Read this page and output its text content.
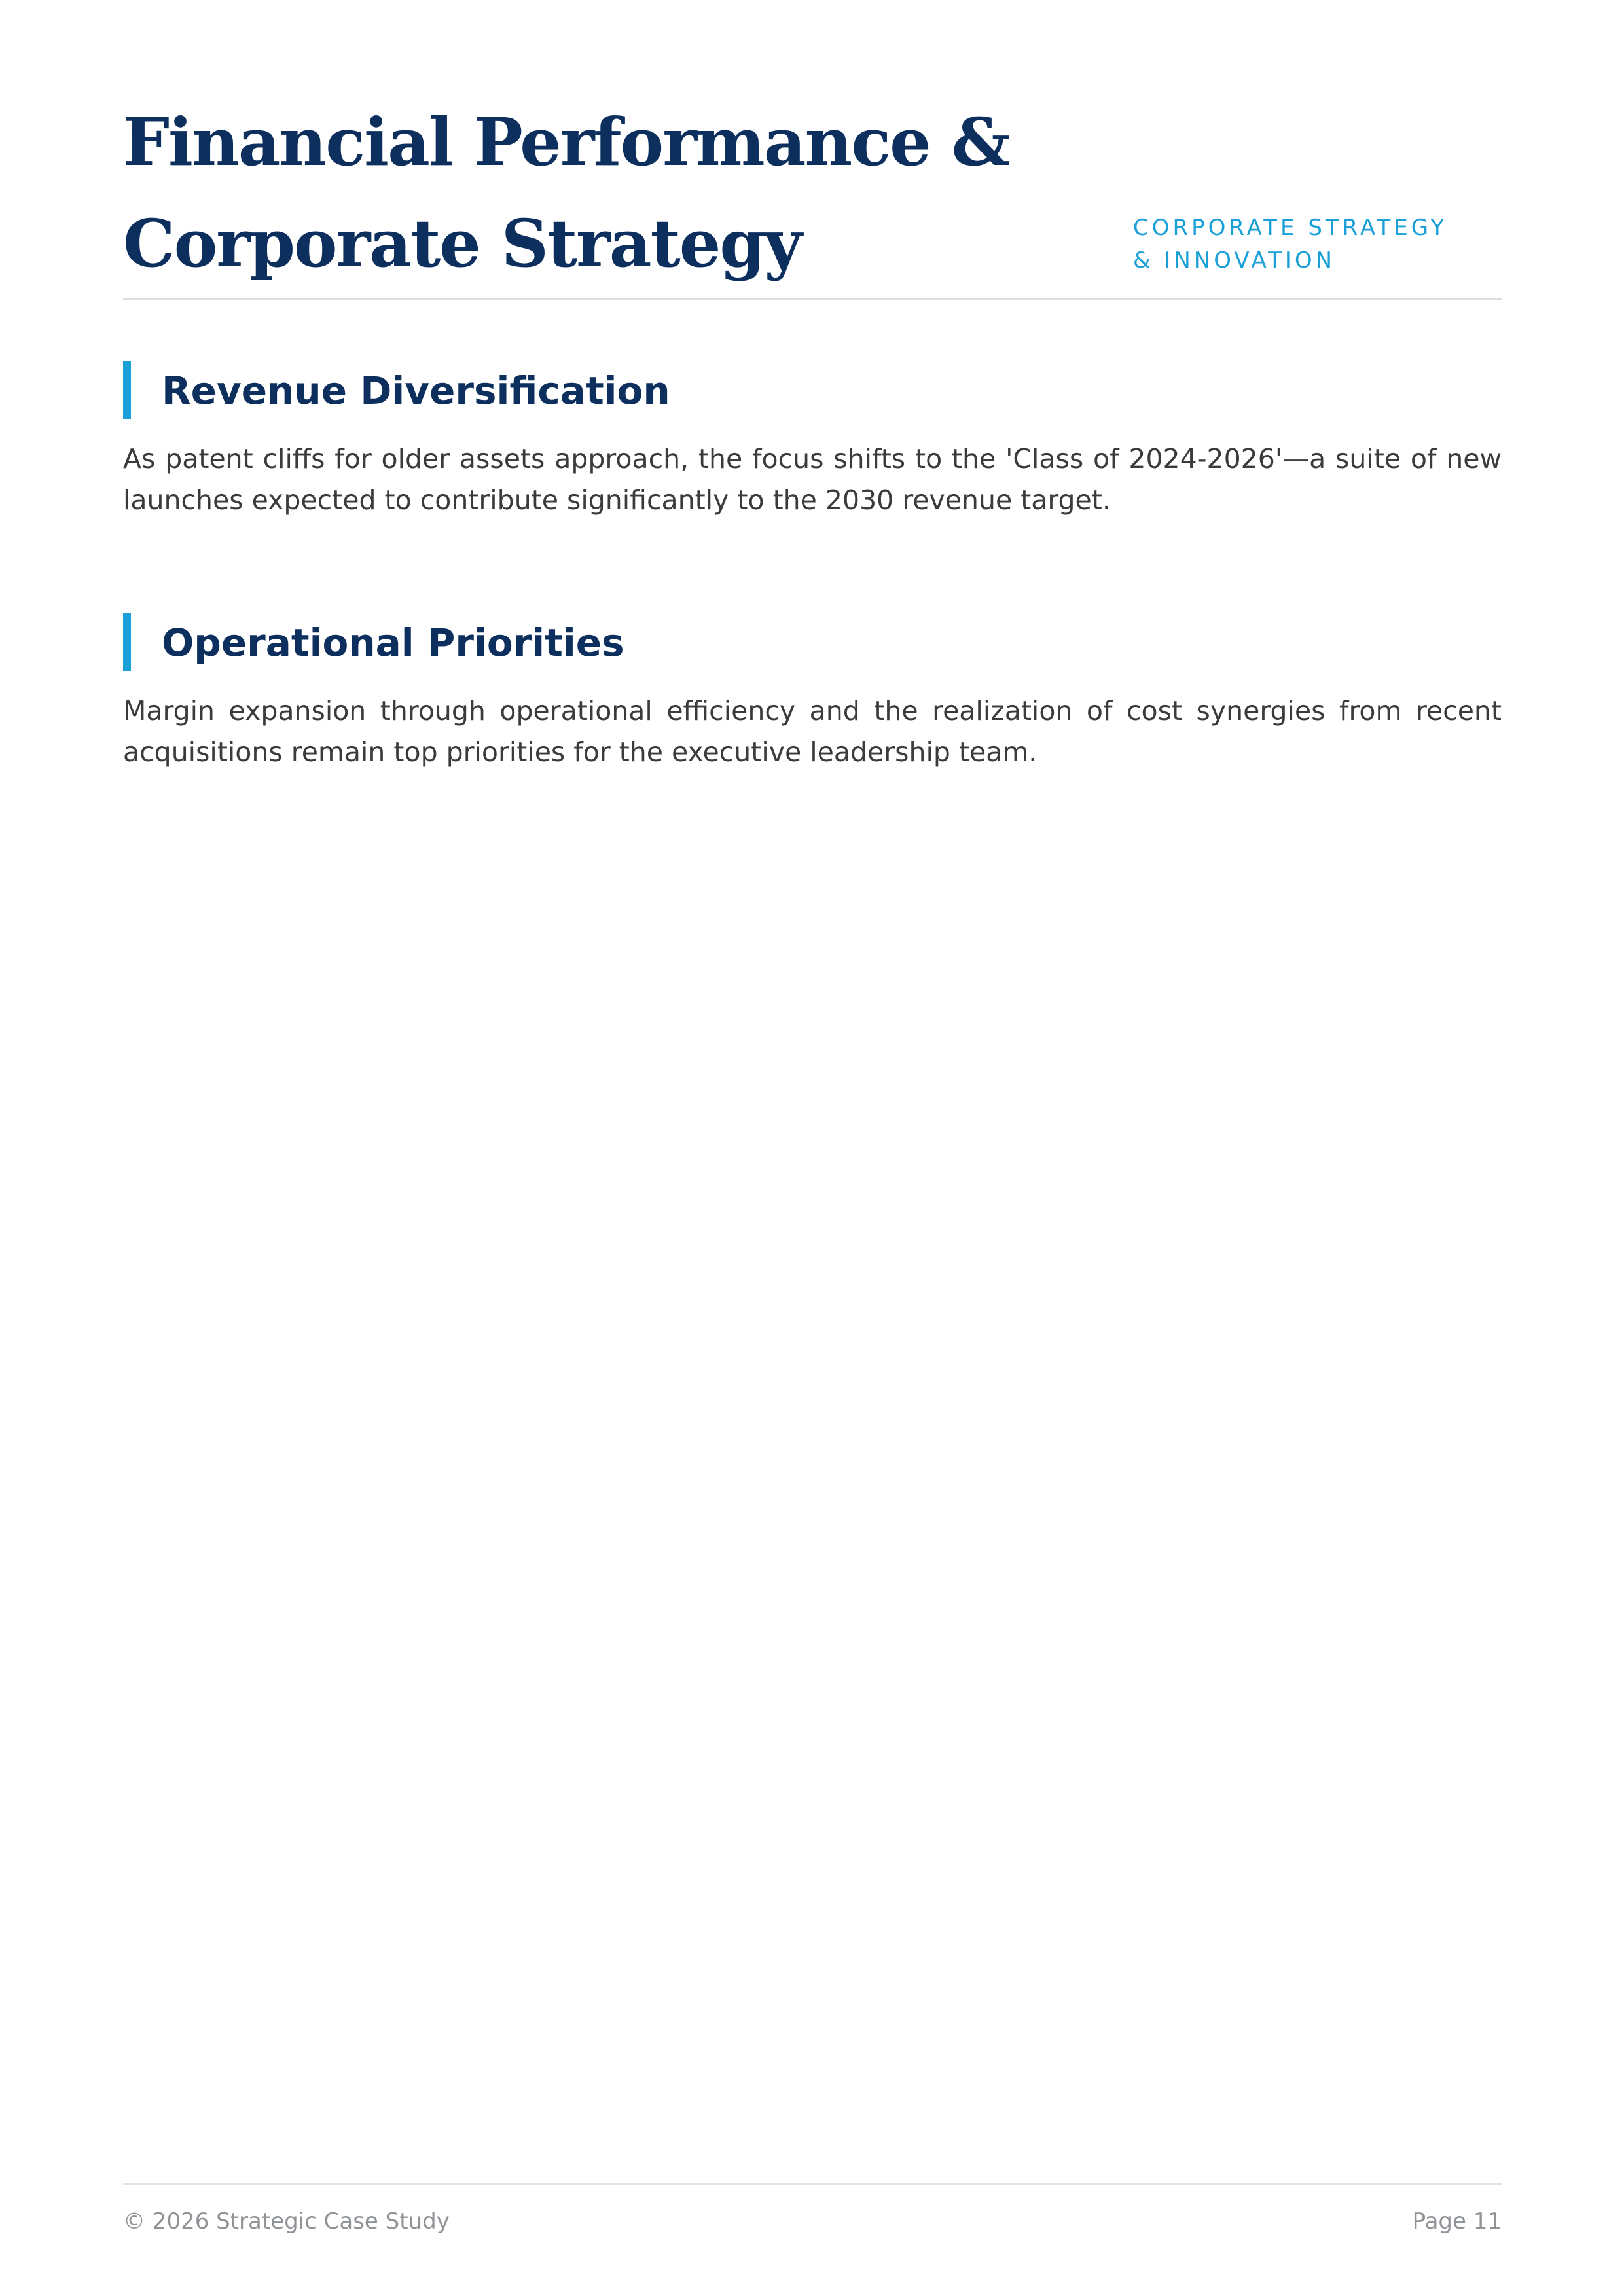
Financial Performance &
Corporate Strategy	CORPORATE STRATEGY & INNOVATION
Revenue Diversification

As patent cliffs for older assets approach, the focus shifts to the 'Class of 2024-2026'—a suite of new launches expected to contribute significantly to the 2030 revenue target.

Operational Priorities

Margin expansion through operational efficiency and the realization of cost synergies from recent acquisitions remain top priorities for the executive leadership team.

© 2026 Strategic Case Study	Page 11
